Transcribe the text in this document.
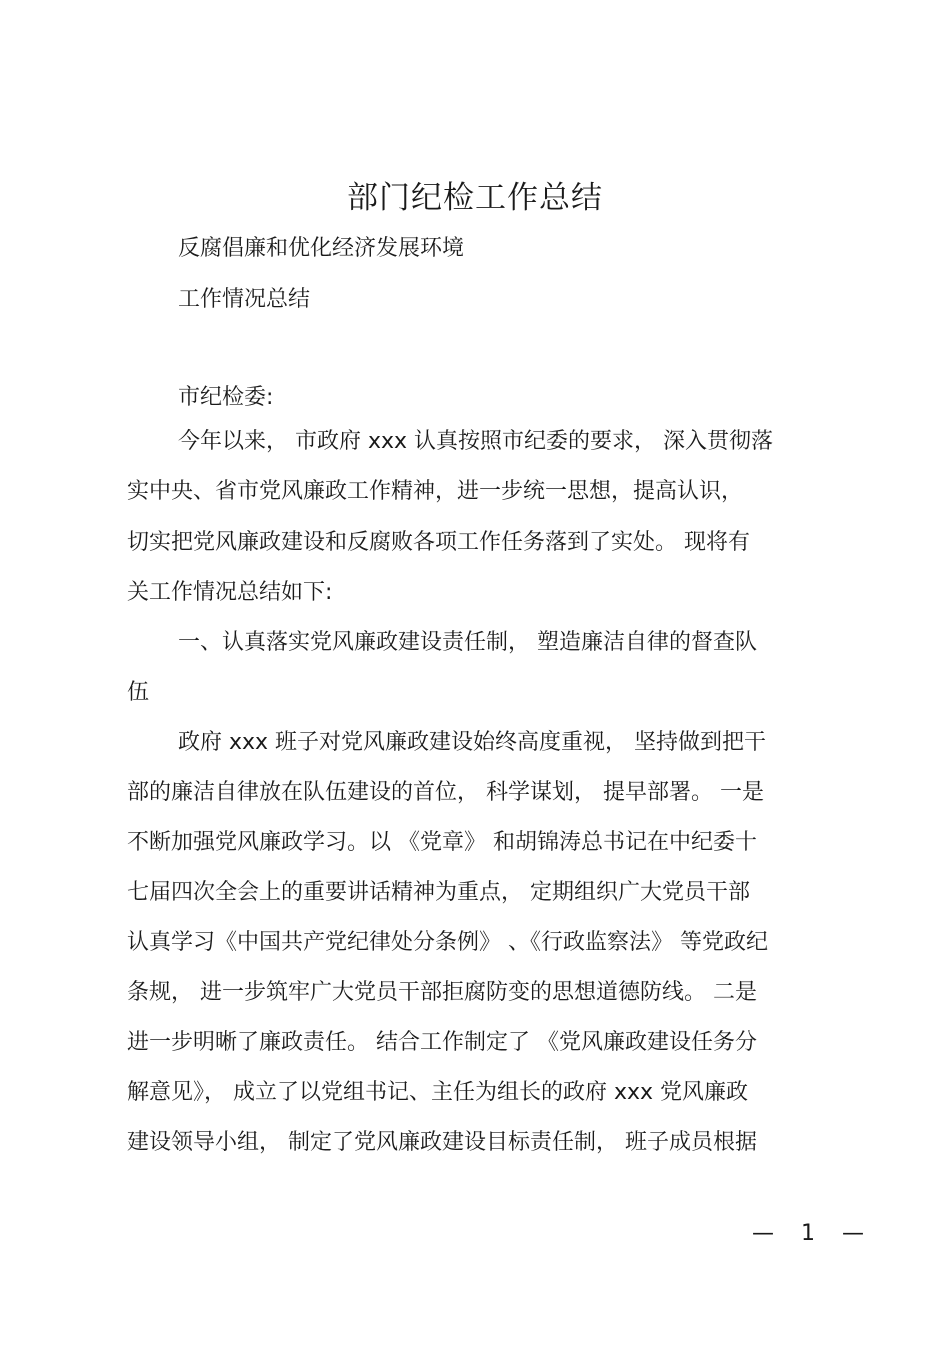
部门纪检工作总结
反腐倡廉和优化经济发展环境
工作情况总结
市纪检委:
今年以来， 市政府 xxx 认真按照市纪委的要求， 深入贯彻落
实中央、省市党风廉政工作精神，进一步统一思想，提高认识，
切实把党风廉政建设和反腐败各项工作任务落到了实处。 现将有
关工作情况总结如下:
一、认真落实党风廉政建设责任制， 塑造廉洁自律的督查队
伍
政府 xxx 班子对党风廉政建设始终高度重视， 坚持做到把干
部的廉洁自律放在队伍建设的首位， 科学谋划， 提早部署。 一是
不断加强党风廉政学习。以 《党章》 和胡锦涛总书记在中纪委十
七届四次全会上的重要讲话精神为重点， 定期组织广大党员干部
认真学习《中国共产党纪律处分条例》 、《行政监察法》 等党政纪
条规， 进一步筑牢广大党员干部拒腐防变的思想道德防线。 二是
进一步明晰了廉政责任。 结合工作制定了 《党风廉政建设任务分
解意见》， 成立了以党组书记、主任为组长的政府 xxx 党风廉政
建设领导小组， 制定了党风廉政建设目标责任制， 班子成员根据
— 1 —
